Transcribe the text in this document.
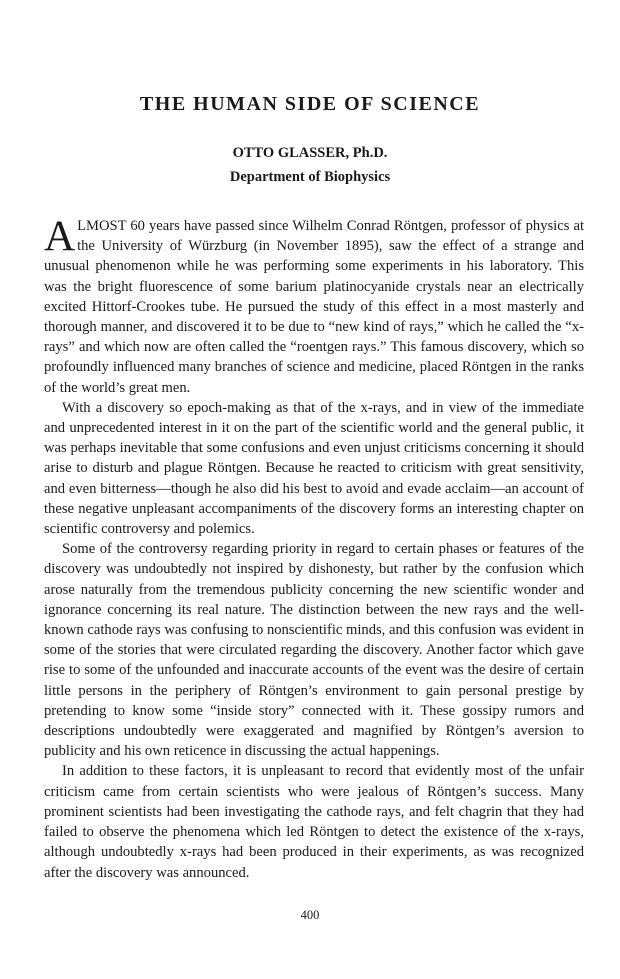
THE HUMAN SIDE OF SCIENCE
OTTO GLASSER, Ph.D.
Department of Biophysics

ALMOST 60 years have passed since Wilhelm Conrad Röntgen, professor of physics at the University of Würzburg (in November 1895), saw the effect of a strange and unusual phenomenon while he was performing some experiments in his laboratory. This was the bright fluorescence of some barium platinocyanide crystals near an electrically excited Hittorf-Crookes tube. He pursued the study of this effect in a most masterly and thorough manner, and discovered it to be due to “new kind of rays,” which he called the “x-rays” and which now are often called the “roentgen rays.” This famous discovery, which so profoundly influenced many branches of science and medicine, placed Röntgen in the ranks of the world’s great men.

With a discovery so epoch-making as that of the x-rays, and in view of the immediate and unprecedented interest in it on the part of the scientific world and the general public, it was perhaps inevitable that some confusions and even unjust criticisms concerning it should arise to disturb and plague Röntgen. Because he reacted to criticism with great sensitivity, and even bitterness—though he also did his best to avoid and evade acclaim—an account of these negative unpleasant accompaniments of the discovery forms an interesting chapter on scientific controversy and polemics.

Some of the controversy regarding priority in regard to certain phases or features of the discovery was undoubtedly not inspired by dishonesty, but rather by the confusion which arose naturally from the tremendous publicity concerning the new scientific wonder and ignorance concerning its real nature. The distinction between the new rays and the well-known cathode rays was confusing to nonscientific minds, and this confusion was evident in some of the stories that were circulated regarding the discovery. Another factor which gave rise to some of the unfounded and inaccurate accounts of the event was the desire of certain little persons in the periphery of Röntgen’s environment to gain personal prestige by pretending to know some “inside story” connected with it. These gossipy rumors and descriptions undoubtedly were exaggerated and magnified by Röntgen’s aversion to publicity and his own reticence in discussing the actual happenings.

In addition to these factors, it is unpleasant to record that evidently most of the unfair criticism came from certain scientists who were jealous of Röntgen’s success. Many prominent scientists had been investigating the cathode rays, and felt chagrin that they had failed to observe the phenomena which led Röntgen to detect the existence of the x-rays, although undoubtedly x-rays had been produced in their experiments, as was recognized after the discovery was announced.

400
